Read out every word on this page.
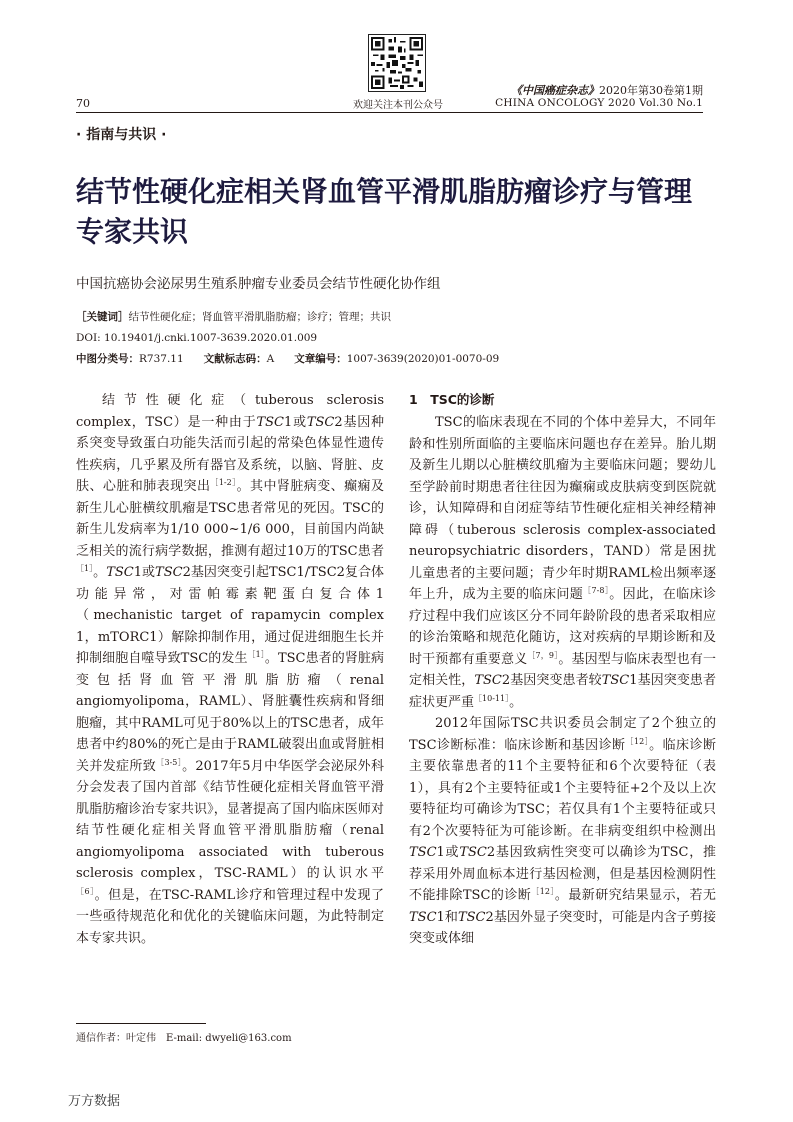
欢迎关注本刊公众号
70
《中国癌症杂志》2020年第30卷第1期
CHINA ONCOLOGY 2020 Vol.30 No.1
· 指南与共识 ·
结节性硬化症相关肾血管平滑肌脂肪瘤诊疗与管理专家共识
中国抗癌协会泌尿男生殖系肿瘤专业委员会结节性硬化协作组
［关键词］结节性硬化症；肾血管平滑肌脂肪瘤；诊疗；管理；共识
DOI: 10.19401/j.cnki.1007-3639.2020.01.009
中图分类号：R737.11 文献标志码：A 文章编号：1007-3639(2020)01-0070-09

结节性硬化症（tuberous sclerosis complex，TSC）是一种由于TSC1或TSC2基因种系突变导致蛋白功能失活而引起的常染色体显性遗传性疾病，几乎累及所有器官及系统，以脑、肾脏、皮肤、心脏和肺表现突出$^{[1-2]}$。其中肾脏病变、癫痫及新生儿心脏横纹肌瘤是TSC患者常见的死因。TSC的新生儿发病率为1/10 000~1/6 000，目前国内尚缺乏相关的流行病学数据，推测有超过10万的TSC患者$^{[1]}$。TSC1或TSC2基因突变引起TSC1/TSC2复合体功能异常，对雷帕霉素靶蛋白复合体1（mechanistic target of rapamycin complex 1，mTORC1）解除抑制作用，通过促进细胞生长并抑制细胞自噬导致TSC的发生$^{[1]}$。TSC患者的肾脏病变包括肾血管平滑肌脂肪瘤（renal angiomyolipoma，RAML）、肾脏囊性疾病和肾细胞瘤，其中RAML可见于80%以上的TSC患者，成年患者中约80%的死亡是由于RAML破裂出血或肾脏相关并发症所致$^{[3-5]}$。2017年5月中华医学会泌尿外科分会发表了国内首部《结节性硬化症相关肾血管平滑肌脂肪瘤诊治专家共识》，显著提高了国内临床医师对结节性硬化症相关肾血管平滑肌脂肪瘤（renal angiomyolipoma associated with tuberous sclerosis complex，TSC-RAML）的认识水平$^{[6]}$。但是，在TSC-RAML诊疗和管理过程中发现了一些亟待规范化和优化的关键临床问题，为此特制定本专家共识。

1　TSC的诊断

TSC的临床表现在不同的个体中差异大，不同年龄和性别所面临的主要临床问题也存在差异。胎儿期及新生儿期以心脏横纹肌瘤为主要临床问题；婴幼儿至学龄前时期患者往往因为癫痫或皮肤病变到医院就诊，认知障碍和自闭症等结节性硬化症相关神经精神障碍（tuberous sclerosis complex-associated neuropsychiatric disorders，TAND）常是困扰儿童患者的主要问题；青少年时期RAML检出频率逐年上升，成为主要的临床问题$^{[7-8]}$。因此，在临床诊疗过程中我们应该区分不同年龄阶段的患者采取相应的诊治策略和规范化随访，这对疾病的早期诊断和及时干预都有重要意义$^{[7,9]}$。基因型与临床表型也有一定相关性，TSC2基因突变患者较TSC1基因突变患者症状更严重$^{[10-11]}$。

2012年国际TSC共识委员会制定了2个独立的TSC诊断标准：临床诊断和基因诊断$^{[12]}$。临床诊断主要依靠患者的11个主要特征和6个次要特征（表1），具有2个主要特征或1个主要特征+2个及以上次要特征均可确诊为TSC；若仅具有1个主要特征或只有2个次要特征为可能诊断。在非病变组织中检测出TSC1或TSC2基因致病性突变可以确诊为TSC，推荐采用外周血标本进行基因检测，但是基因检测阴性不能排除TSC的诊断$^{[12]}$。最新研究结果显示，若无TSC1和TSC2基因外显子突变时，可能是内含子剪接突变或体细

通信作者：叶定伟　E-mail: dwyeli@163.com
万方数据
